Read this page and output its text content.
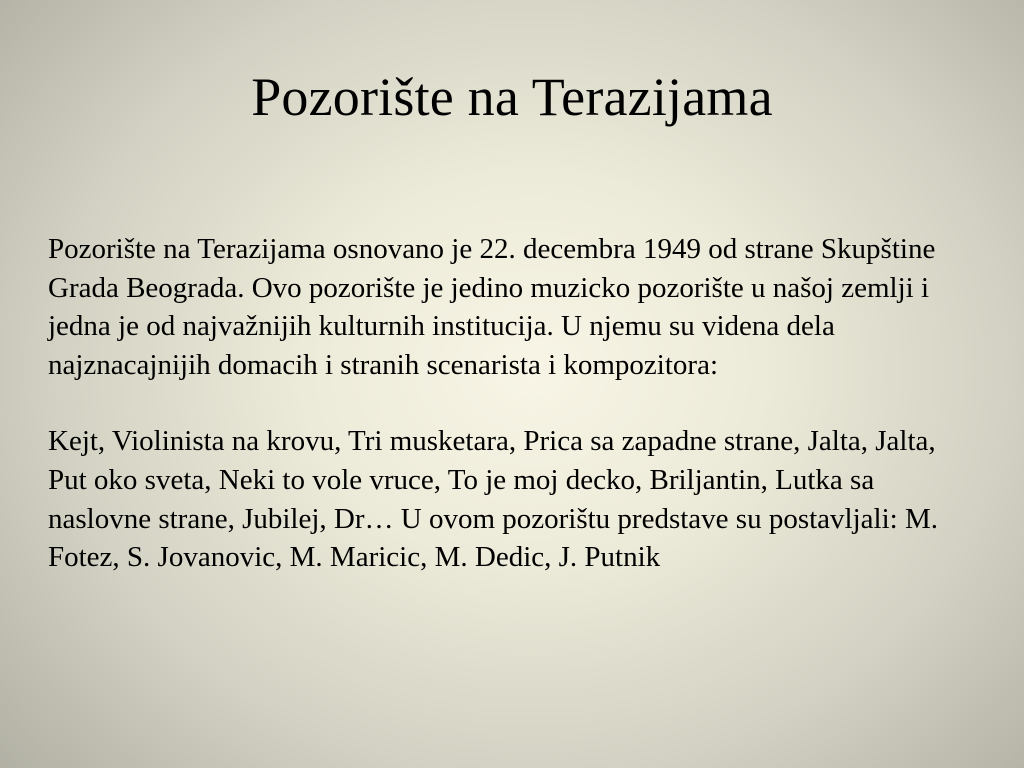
Pozorište na Terazijama

Pozorište na Terazijama osnovano je 22. decembra 1949 od strane Skupštine Grada Beograda. Ovo pozorište je jedino muzicko pozorište u našoj zemlji i jedna je od najvažnijih kulturnih institucija. U njemu su videna dela najznacajnijih domacih i stranih scenarista i kompozitora:

Kejt, Violinista na krovu, Tri musketara, Prica sa zapadne strane, Jalta, Jalta, Put oko sveta, Neki to vole vruce, To je moj decko, Briljantin, Lutka sa naslovne strane, Jubilej, Dr… U ovom pozorištu predstave su postavljali: M. Fotez, S. Jovanovic, M. Maricic, M. Dedic, J. Putnik
